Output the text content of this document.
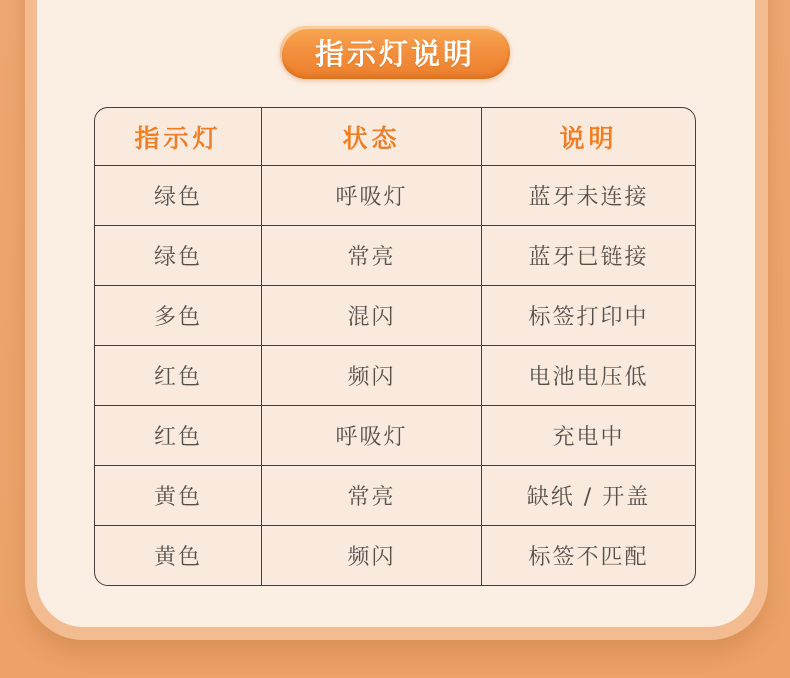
指示灯说明
指示灯	状态	说明
绿色	呼吸灯	蓝牙未连接
绿色	常亮	蓝牙已链接
多色	混闪	标签打印中
红色	频闪	电池电压低
红色	呼吸灯	充电中
黄色	常亮	缺纸 / 开盖
黄色	频闪	标签不匹配
